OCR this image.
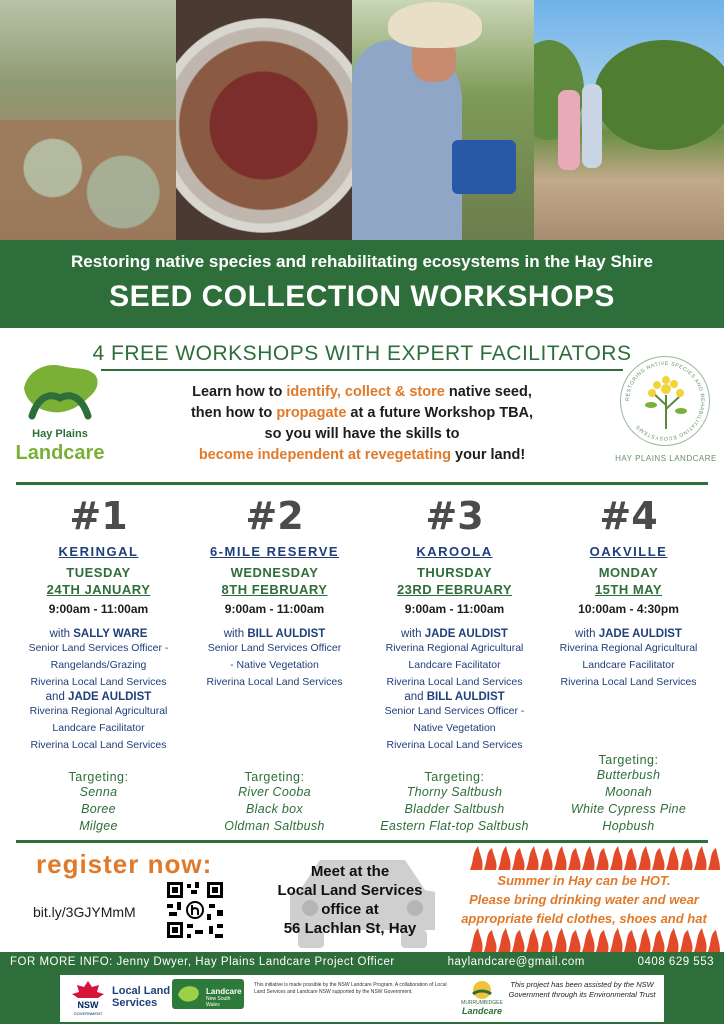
Restoring native species and rehabilitating ecosystems in the Hay Shire
SEED COLLECTION WORKSHOPS
4 FREE WORKSHOPS WITH EXPERT FACILITATORS
Hay Plains
Landcare
RESTORING NATIVE SPECIES AND REHABILITATING ECOSYSTEMS
HAY PLAINS LANDCARE
Learn how to identify, collect & store native seed,
then how to propagate at a future Workshop TBA,
so you will have the skills to
become independent at revegetating your land!
#1
KERINGAL
TUESDAY
24TH JANUARY
9:00am - 11:00am
with SALLY WARE
Senior Land Services Officer -
Rangelands/Grazing
Riverina Local Land Services
and JADE AULDIST
Riverina Regional Agricultural
Landcare Facilitator
Riverina Local Land Services
#2
6-MILE RESERVE
WEDNESDAY
8TH FEBRUARY
9:00am - 11:00am
with BILL AULDIST
Senior Land Services Officer
- Native Vegetation
Riverina Local Land Services
#3
KAROOLA
THURSDAY
23RD FEBRUARY
9:00am - 11:00am
with JADE AULDIST
Riverina Regional Agricultural
Landcare Facilitator
Riverina Local Land Services
and BILL AULDIST
Senior Land Services Officer -
Native Vegetation
Riverina Local Land Services
#4
OAKVILLE
MONDAY
15TH MAY
10:00am - 4:30pm
with JADE AULDIST
Riverina Regional Agricultural
Landcare Facilitator
Riverina Local Land Services
Targeting:
Senna
Boree
Milgee
Targeting:
River Cooba
Black box
Oldman Saltbush
Targeting:
Thorny Saltbush
Bladder Saltbush
Eastern Flat-top Saltbush
Targeting:
Butterbush
Moonah
White Cypress Pine
Hopbush
register now:
bit.ly/3GJYMmM
Meet at the
Local Land Services
office at
56 Lachlan St, Hay
Summer in Hay can be HOT.
Please bring drinking water and wear
appropriate field clothes, shoes and hat
FOR MORE INFO: Jenny Dwyer, Hay Plains Landcare Project Officer	haylandcare@gmail.com	0408 629 553
NSW
GOVERNMENT
Local Land
Services
Landcare
New South Wales
This initiative is made possible by the NSW Landcare Program. A collaboration of Local Land Services and Landcare NSW supported by the NSW Government.
MURRUMBIDGEE
Landcare
This project has been assisted by the NSW Government through its Environmental Trust
